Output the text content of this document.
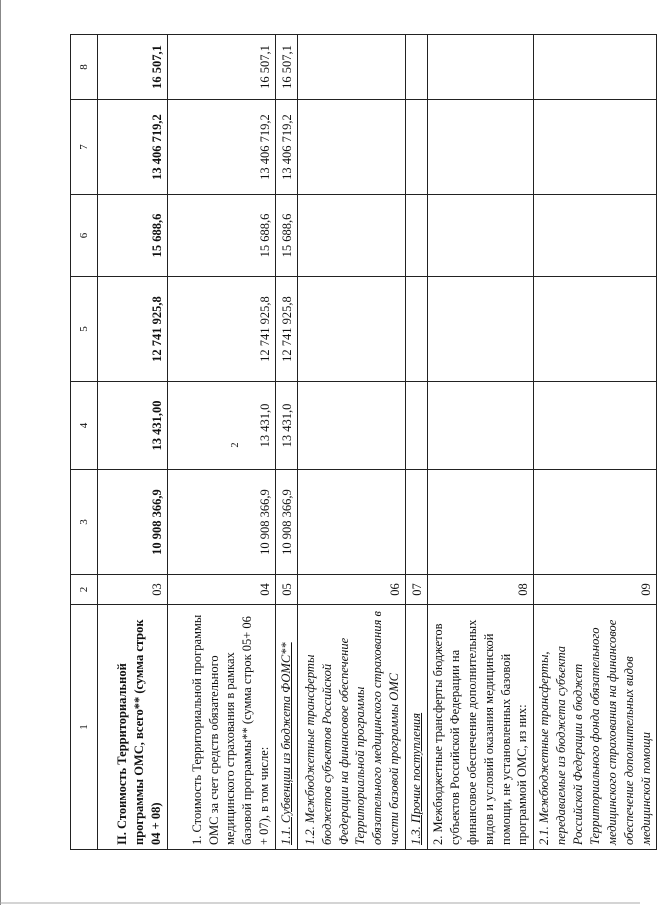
2
1	2	3	4	5	6	7	8
II. Стоимость Территориальной программы ОМС, всего** (сумма строк 04 + 08)	03	10 908 366,9	13 431,00	12 741 925,8	15 688,6	13 406 719,2	16 507,1
1. Стоимость Территориальной программы ОМС за счет средств обязательного медицинского страхования в рамках базовой программы** (сумма строк 05+ 06 + 07), в том числе:	04	10 908 366,9	13 431,0	12 741 925,8	15 688,6	13 406 719,2	16 507,1
1.1. Субвенции из бюджета ФОМС**	05	10 908 366,9	13 431,0	12 741 925,8	15 688,6	13 406 719,2	16 507,1
1.2. Межбюджетные трансферты бюджетов субъектов Российской Федерации на финансовое обеспечение Территориальной программы обязательного медицинского страхования в части базовой программы ОМС	06						
1.3. Прочие поступления	07						
2. Межбюджетные трансферты бюджетов субъектов Российской Федерации на финансовое обеспечение дополнительных видов и условий оказания медицинской помощи, не установленных базовой программой ОМС, из них:	08						
2.1. Межбюджетные трансферты, передаваемые из бюджета субъекта Российской Федерации в бюджет Территориального фонда обязательного медицинского страхования на финансовое обеспечение дополнительных видов медицинской помощи	09						
